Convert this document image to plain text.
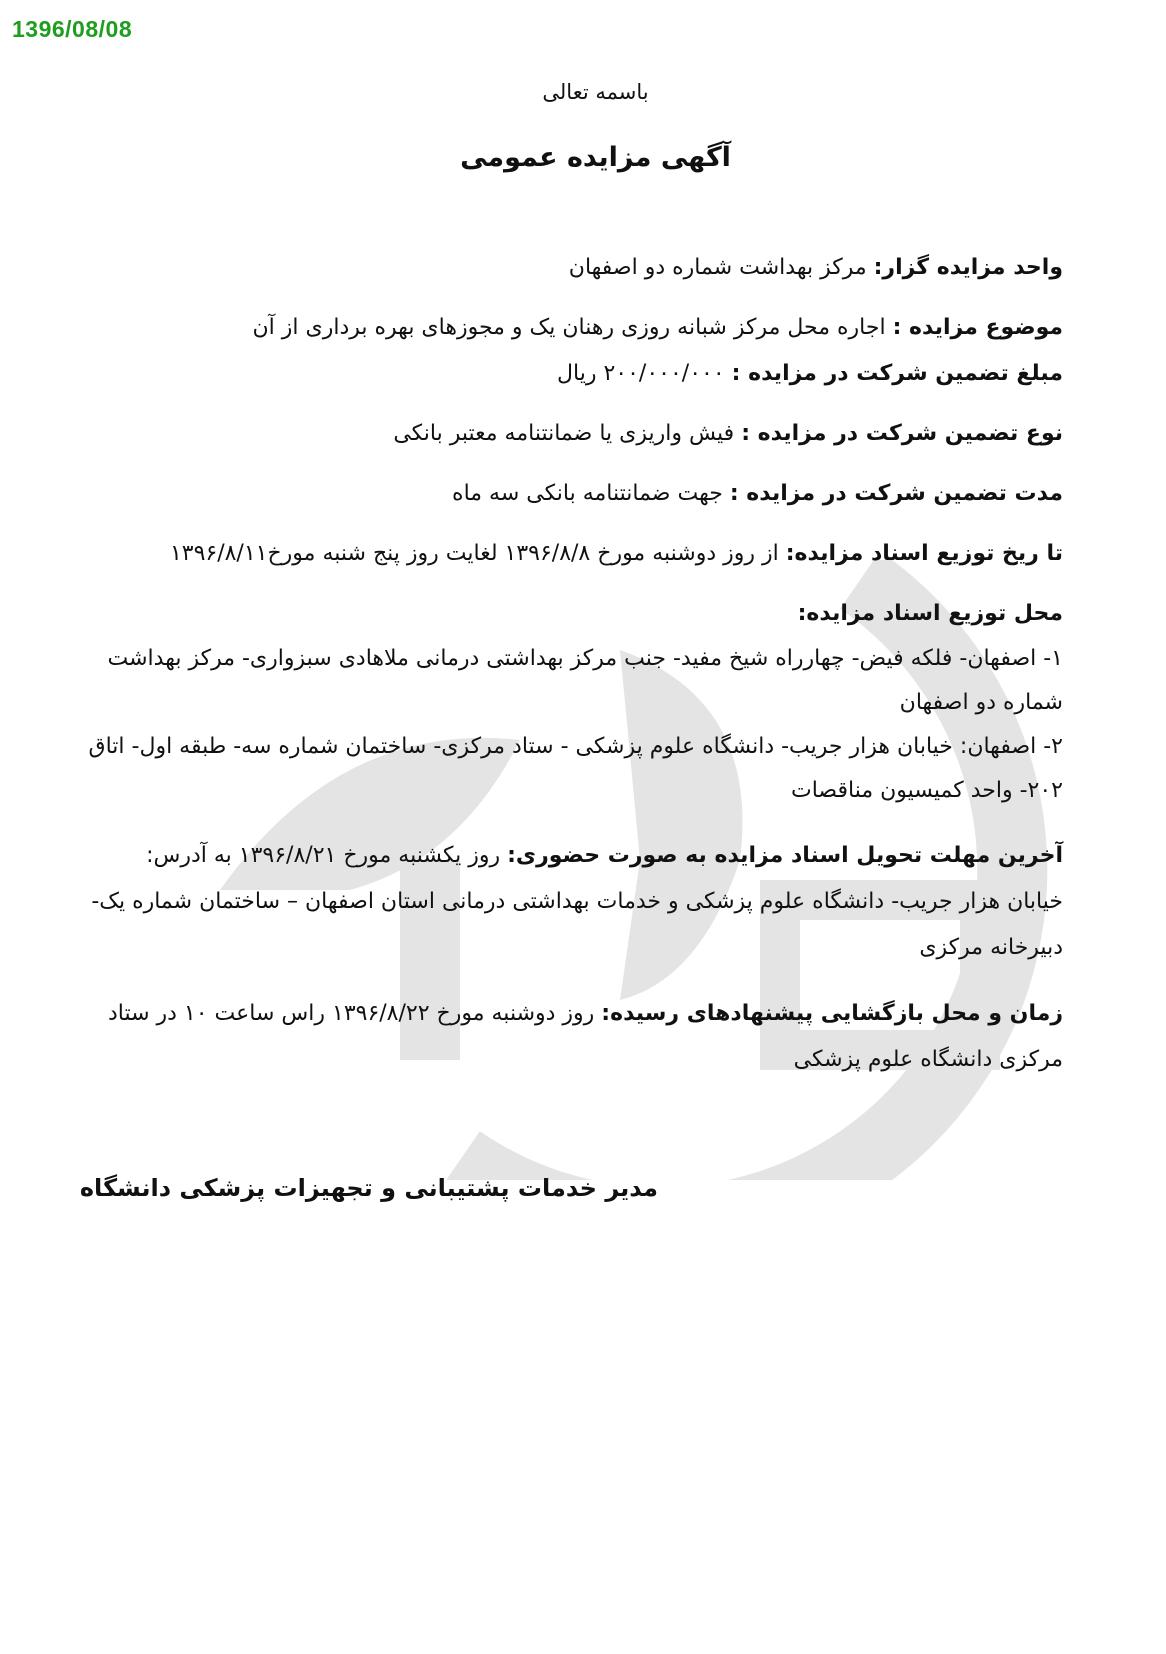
1396/08/08

باسمه تعالی

آگهی مزایده عمومی

واحد مزایده گزار: مرکز بهداشت شماره دو اصفهان

موضوع مزایده : اجاره محل مرکز شبانه روزی رهنان یک و مجوزهای بهره برداری از آن

مبلغ تضمین شرکت در مزایده : ۲۰۰/۰۰۰/۰۰۰ ریال

نوع تضمین شرکت در مزایده : فیش واریزی یا ضمانتنامه معتبر بانکی

مدت تضمین شرکت در مزایده : جهت ضمانتنامه بانکی سه ماه

تا ریخ توزیع اسناد مزایده: از روز دوشنبه مورخ ۱۳۹۶/۸/۸ لغایت روز پنج شنبه مورخ۱۳۹۶/۸/۱۱

محل توزیع اسناد مزایده:

۱- اصفهان- فلکه فیض- چهارراه شیخ مفید- جنب مرکز بهداشتی درمانی ملاهادی سبزواری- مرکز بهداشت شماره دو اصفهان

۲- اصفهان: خیابان هزار جریب- دانشگاه علوم پزشکی - ستاد مرکزی- ساختمان شماره سه- طبقه اول- اتاق ۲۰۲- واحد کمیسیون مناقصات

آخرین مهلت تحویل اسناد مزایده به صورت حضوری: روز یکشنبه مورخ ۱۳۹۶/۸/۲۱ به آدرس: خیابان هزار جریب- دانشگاه علوم پزشکی و خدمات بهداشتی درمانی استان اصفهان – ساختمان شماره یک- دبیرخانه مرکزی

زمان و محل بازگشایی پیشنهادهای رسیده: روز دوشنبه مورخ ۱۳۹۶/۸/۲۲ راس ساعت ۱۰ در ستاد مرکزی دانشگاه علوم پزشکی

مدیر خدمات پشتیبانی و تجهیزات پزشکی دانشگاه
